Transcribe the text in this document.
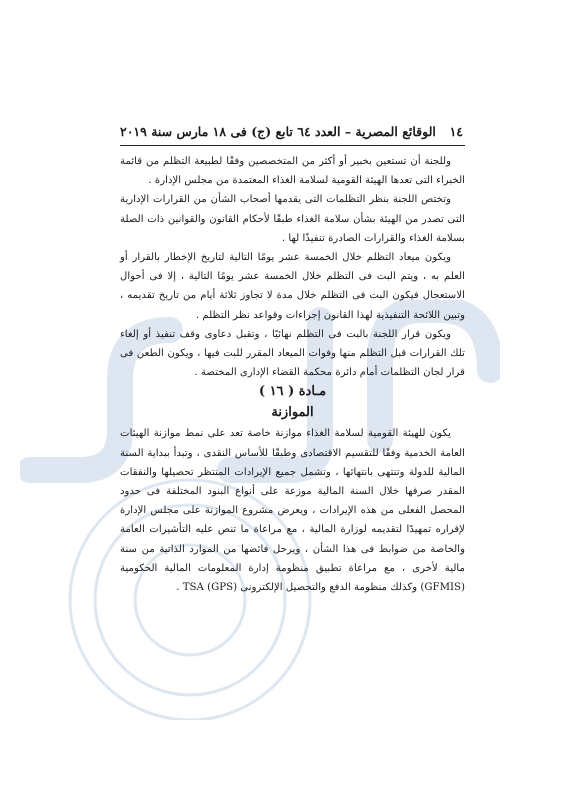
١٤
الوقائع المصرية – العدد ٦٤ تابع (ج) فى ١٨ مارس سنة ٢٠١٩

وللجنة أن تستعين بخبير أو أكثر من المتخصصين وفقًا لطبيعة التظلم من قائمة الخبراء التى تعدها الهيئة القومية لسلامة الغذاء المعتمدة من مجلس الإدارة .

وتختص اللجنة بنظر التظلمات التى يقدمها أصحاب الشأن من القرارات الإدارية التى تصدر من الهيئة بشأن سلامة الغذاء طبقًا لأحكام القانون والقوانين ذات الصلة بسلامة الغذاء والقرارات الصادرة تنفيذًا لها .

ويكون ميعاد التظلم خلال الخمسة عشر يومًا التالية لتاريخ الإخطار بالقرار أو العلم به ، ويتم البت فى التظلم خلال الخمسة عشر يومًا التالية ، إلا فى أحوال الاستعجال فيكون البت فى التظلم خلال مدة لا تجاوز ثلاثة أيام من تاريخ تقديمه ، وتبين اللائحة التنفيذية لهذا القانون إجراءات وقواعد نظر التظلم .

ويكون قرار اللجنة بالبت فى التظلم نهائيًا ، وتقبل دعاوى وقف تنفيذ أو إلغاء تلك القرارات قبل التظلم منها وفوات الميعاد المقرر للبت فيها ، ويكون الطعن فى قرار لجان التظلمات أمام دائرة محكمة القضاء الإدارى المختصة .

مـادة ( ١٦ )

الموازنة

يكون للهيئة القومية لسلامة الغذاء موازنة خاصة تعد على نمط موازنة الهيئات العامة الخدمية وفقًا للتقسيم الاقتصادى وطبقًا للأساس النقدى ، وتبدأ ببداية السنة المالية للدولة وتنتهى بانتهائها ، وتشمل جميع الإيرادات المنتظر تحصيلها والنفقات المقدر صرفها خلال السنة المالية موزعة على أنواع البنود المختلفة فى حدود المحصل الفعلى من هذه الإيرادات ، ويعرض مشروع الموازنة على مجلس الإدارة لإقراره تمهيدًا لتقديمه لوزارة المالية ، مع مراعاة ما تنص عليه التأشيرات العامة والخاصة من ضوابط فى هذا الشأن ، ويرحل فائضها من الموارد الذاتية من سنة مالية لأخرى ، مع مراعاة تطبيق منظومة إدارة المعلومات المالية الحكومية (GFMIS) وكذلك منظومة الدفع والتحصيل الإلكترونى TSA (GPS) .
